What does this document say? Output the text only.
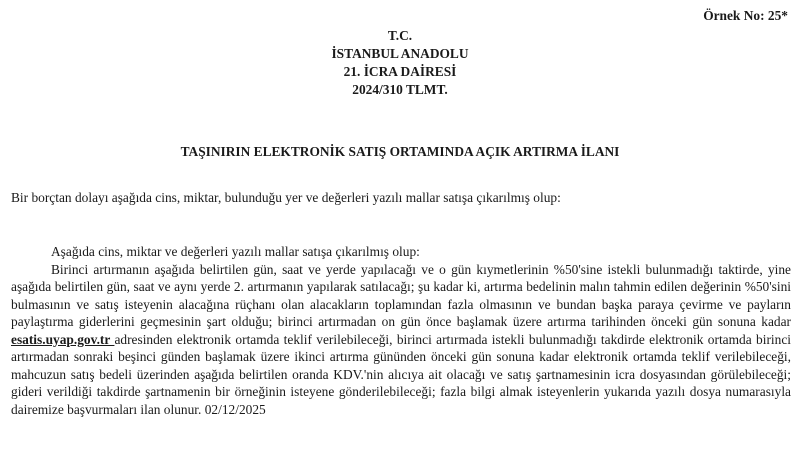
Örnek No: 25*
T.C.
İSTANBUL ANADOLU
21. İCRA DAİRESİ
2024/310 TLMT.
TAŞINIRIN ELEKTRONİK SATIŞ ORTAMINDA AÇIK ARTIRMA İLANI
Bir borçtan dolayı aşağıda cins, miktar, bulunduğu yer ve değerleri yazılı mallar satışa çıkarılmış olup:

Aşağıda cins, miktar ve değerleri yazılı mallar satışa çıkarılmış olup:

Birinci artırmanın aşağıda belirtilen gün, saat ve yerde yapılacağı ve o gün kıymetlerinin %50'sine istekli bulunmadığı taktirde, yine aşağıda belirtilen gün, saat ve aynı yerde 2. artırmanın yapılarak satılacağı; şu kadar ki, artırma bedelinin malın tahmin edilen değerinin %50'sini bulmasının ve satış isteyenin alacağına rüçhanı olan alacakların toplamından fazla olmasının ve bundan başka paraya çevirme ve payların paylaştırma giderlerini geçmesinin şart olduğu; birinci artırmadan on gün önce başlamak üzere artırma tarihinden önceki gün sonuna kadar esatis.uyap.gov.tr adresinden elektronik ortamda teklif verilebileceği, birinci artırmada istekli bulunmadığı takdirde elektronik ortamda birinci artırmadan sonraki beşinci günden başlamak üzere ikinci artırma gününden önceki gün sonuna kadar elektronik ortamda teklif verilebileceği, mahcuzun satış bedeli üzerinden aşağıda belirtilen oranda KDV.'nin alıcıya ait olacağı ve satış şartnamesinin icra dosyasından görülebileceği; gideri verildiği takdirde şartnamenin bir örneğinin isteyene gönderilebileceği; fazla bilgi almak isteyenlerin yukarıda yazılı dosya numarasıyla dairemize başvurmaları ilan olunur. 02/12/2025
